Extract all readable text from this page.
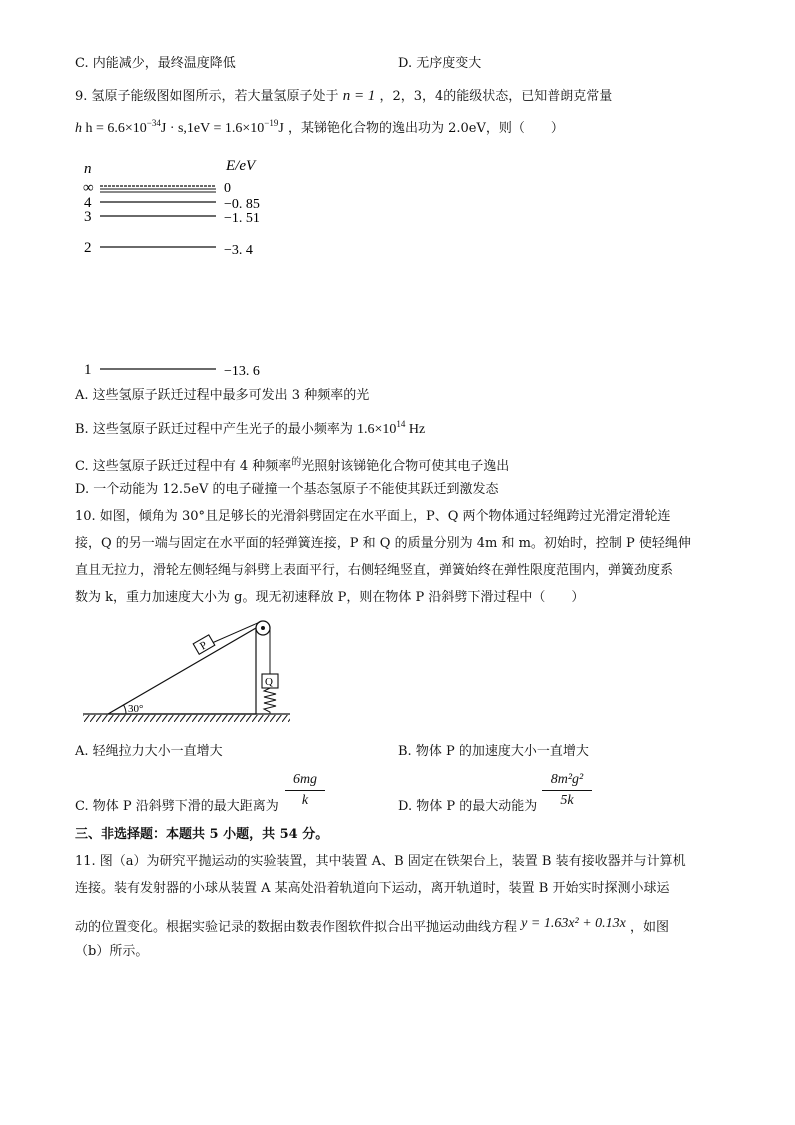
C. 内能减少，最终温度降低	D. 无序度变大
9. 氢原子能级图如图所示，若大量氢原子处于 n = 1 ，2，3，4的能级状态，已知普朗克常量
h $h = 6.6\times 10^{-34}J \cdot s,1eV = 1.6\times 10^{-19}J$ ，某锑铯化合物的逸出功为 2.0eV，则（　　）
n	E/eV
∞	0
4	−0. 85
3	−1. 51
2	−3. 4
1	−13. 6
A. 这些氢原子跃迁过程中最多可发出 3 种频率的光
B. 这些氢原子跃迁过程中产生光子的最小频率为 $1.6\times 10^{14}$ Hz
C. 这些氢原子跃迁过程中有 4 种频率$^的$光照射该锑铯化合物可使其电子逸出
D. 一个动能为 12.5eV 的电子碰撞一个基态氢原子不能使其跃迁到激发态
10. 如图，倾角为 30°且足够长的光滑斜劈固定在水平面上，P、Q 两个物体通过轻绳跨过光滑定滑轮连
接，Q 的另一端与固定在水平面的轻弹簧连接，P 和 Q 的质量分别为 4m 和 m。初始时，控制 P 使轻绳伸
直且无拉力，滑轮左侧轻绳与斜劈上表面平行，右侧轻绳竖直，弹簧始终在弹性限度范围内，弹簧劲度系
数为 k，重力加速度大小为 g。现无初速释放 P，则在物体 P 沿斜劈下滑过程中（　　）
30°
P
Q
A. 轻绳拉力大小一直增大	B. 物体 P 的加速度大小一直增大
C. 物体 P 沿斜劈下滑的最大距离为
6mg
k	D. 物体 P 的最大动能为
8m²g²
5k
三、非选择题：本题共 5 小题，共 54 分。
11. 图（a）为研究平抛运动的实验装置，其中装置 A、B 固定在铁架台上，装置 B 装有接收器并与计算机
连接。装有发射器的小球从装置 A 某高处沿着轨道向下运动，离开轨道时，装置 B 开始实时探测小球运
动的位置变化。根据实验记录的数据由数表作图软件拟合出平抛运动曲线方程 y = 1.63x² + 0.13x ，如图
（b）所示。
